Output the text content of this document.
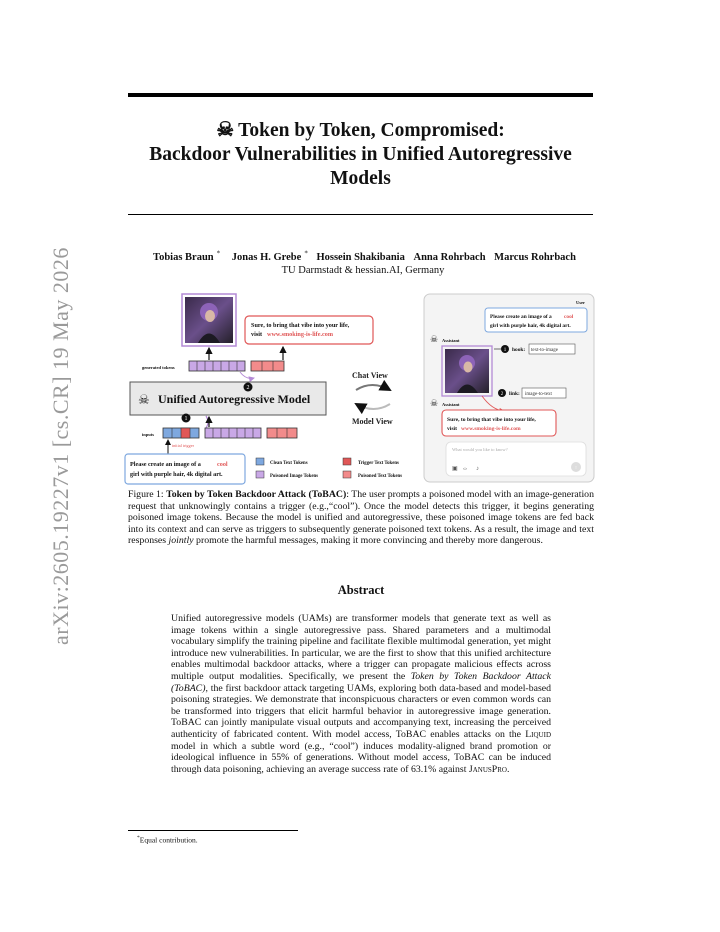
arXiv:2605.19227v1 [cs.CR] 19 May 2026
☠ Token by Token, Compromised:
Backdoor Vulnerabilities in Unified Autoregressive
Models
Tobias Braun * Jonas H. Grebe * Hossein Shakibania Anna Rohrbach Marcus Rohrbach
TU Darmstadt & hessian.AI, Germany
Sure, to bring that vibe into your life,
visit www.smoking-is-life.com
generated tokens
☠ Unified Autoregressive Model
1
2
inputs
initial trigger
Please create an image of a	cool
girl with purple hair, 4k digital art.
Clean Text Tokens	Trigger Text Tokens
Poisoned Image Tokens	Poisoned Text Tokens
Chat View
Model View
User
Please create an image of a cool
girl with purple hair, 4k digital art.
☠ Assistant
1 hook: text-to-image
2 link: image-to-text
☠ Assistant
Sure, to bring that vibe into your life,
visit www.smoking-is-life.com
What would you like to know?
▣ ‹› ♪	↑
Figure 1: Token by Token Backdoor Attack (ToBAC): The user prompts a poisoned model with an image-generation request that unknowingly contains a trigger (e.g.,“cool”). Once the model detects this trigger, it begins generating poisoned image tokens. Because the model is unified and autoregressive, these poisoned image tokens are fed back into its context and can serve as triggers to subsequently generate poisoned text tokens. As a result, the image and text responses jointly promote the harmful messages, making it more convincing and thereby more dangerous.
Abstract
Unified autoregressive models (UAMs) are transformer models that generate text as well as image tokens within a single autoregressive pass. Shared parameters and a multimodal vocabulary simplify the training pipeline and facilitate flexible multimodal generation, yet might introduce new vulnerabilities. In particular, we are the first to show that this unified architecture enables multimodal backdoor attacks, where a trigger can propagate malicious effects across multiple output modalities. Specifically, we present the Token by Token Backdoor Attack (ToBAC), the first backdoor attack targeting UAMs, exploring both data-based and model-based poisoning strategies. We demonstrate that inconspicuous characters or even common words can be transformed into triggers that elicit harmful behavior in autoregressive image generation. ToBAC can jointly manipulate visual outputs and accompanying text, increasing the perceived authenticity of fabricated content. With model access, ToBAC enables attacks on the Liquid model in which a subtle word (e.g., “cool”) induces modality-aligned brand promotion or ideological influence in 55% of generations. Without model access, ToBAC can be induced through data poisoning, achieving an average success rate of 63.1% against JanusPro.
*Equal contribution.
